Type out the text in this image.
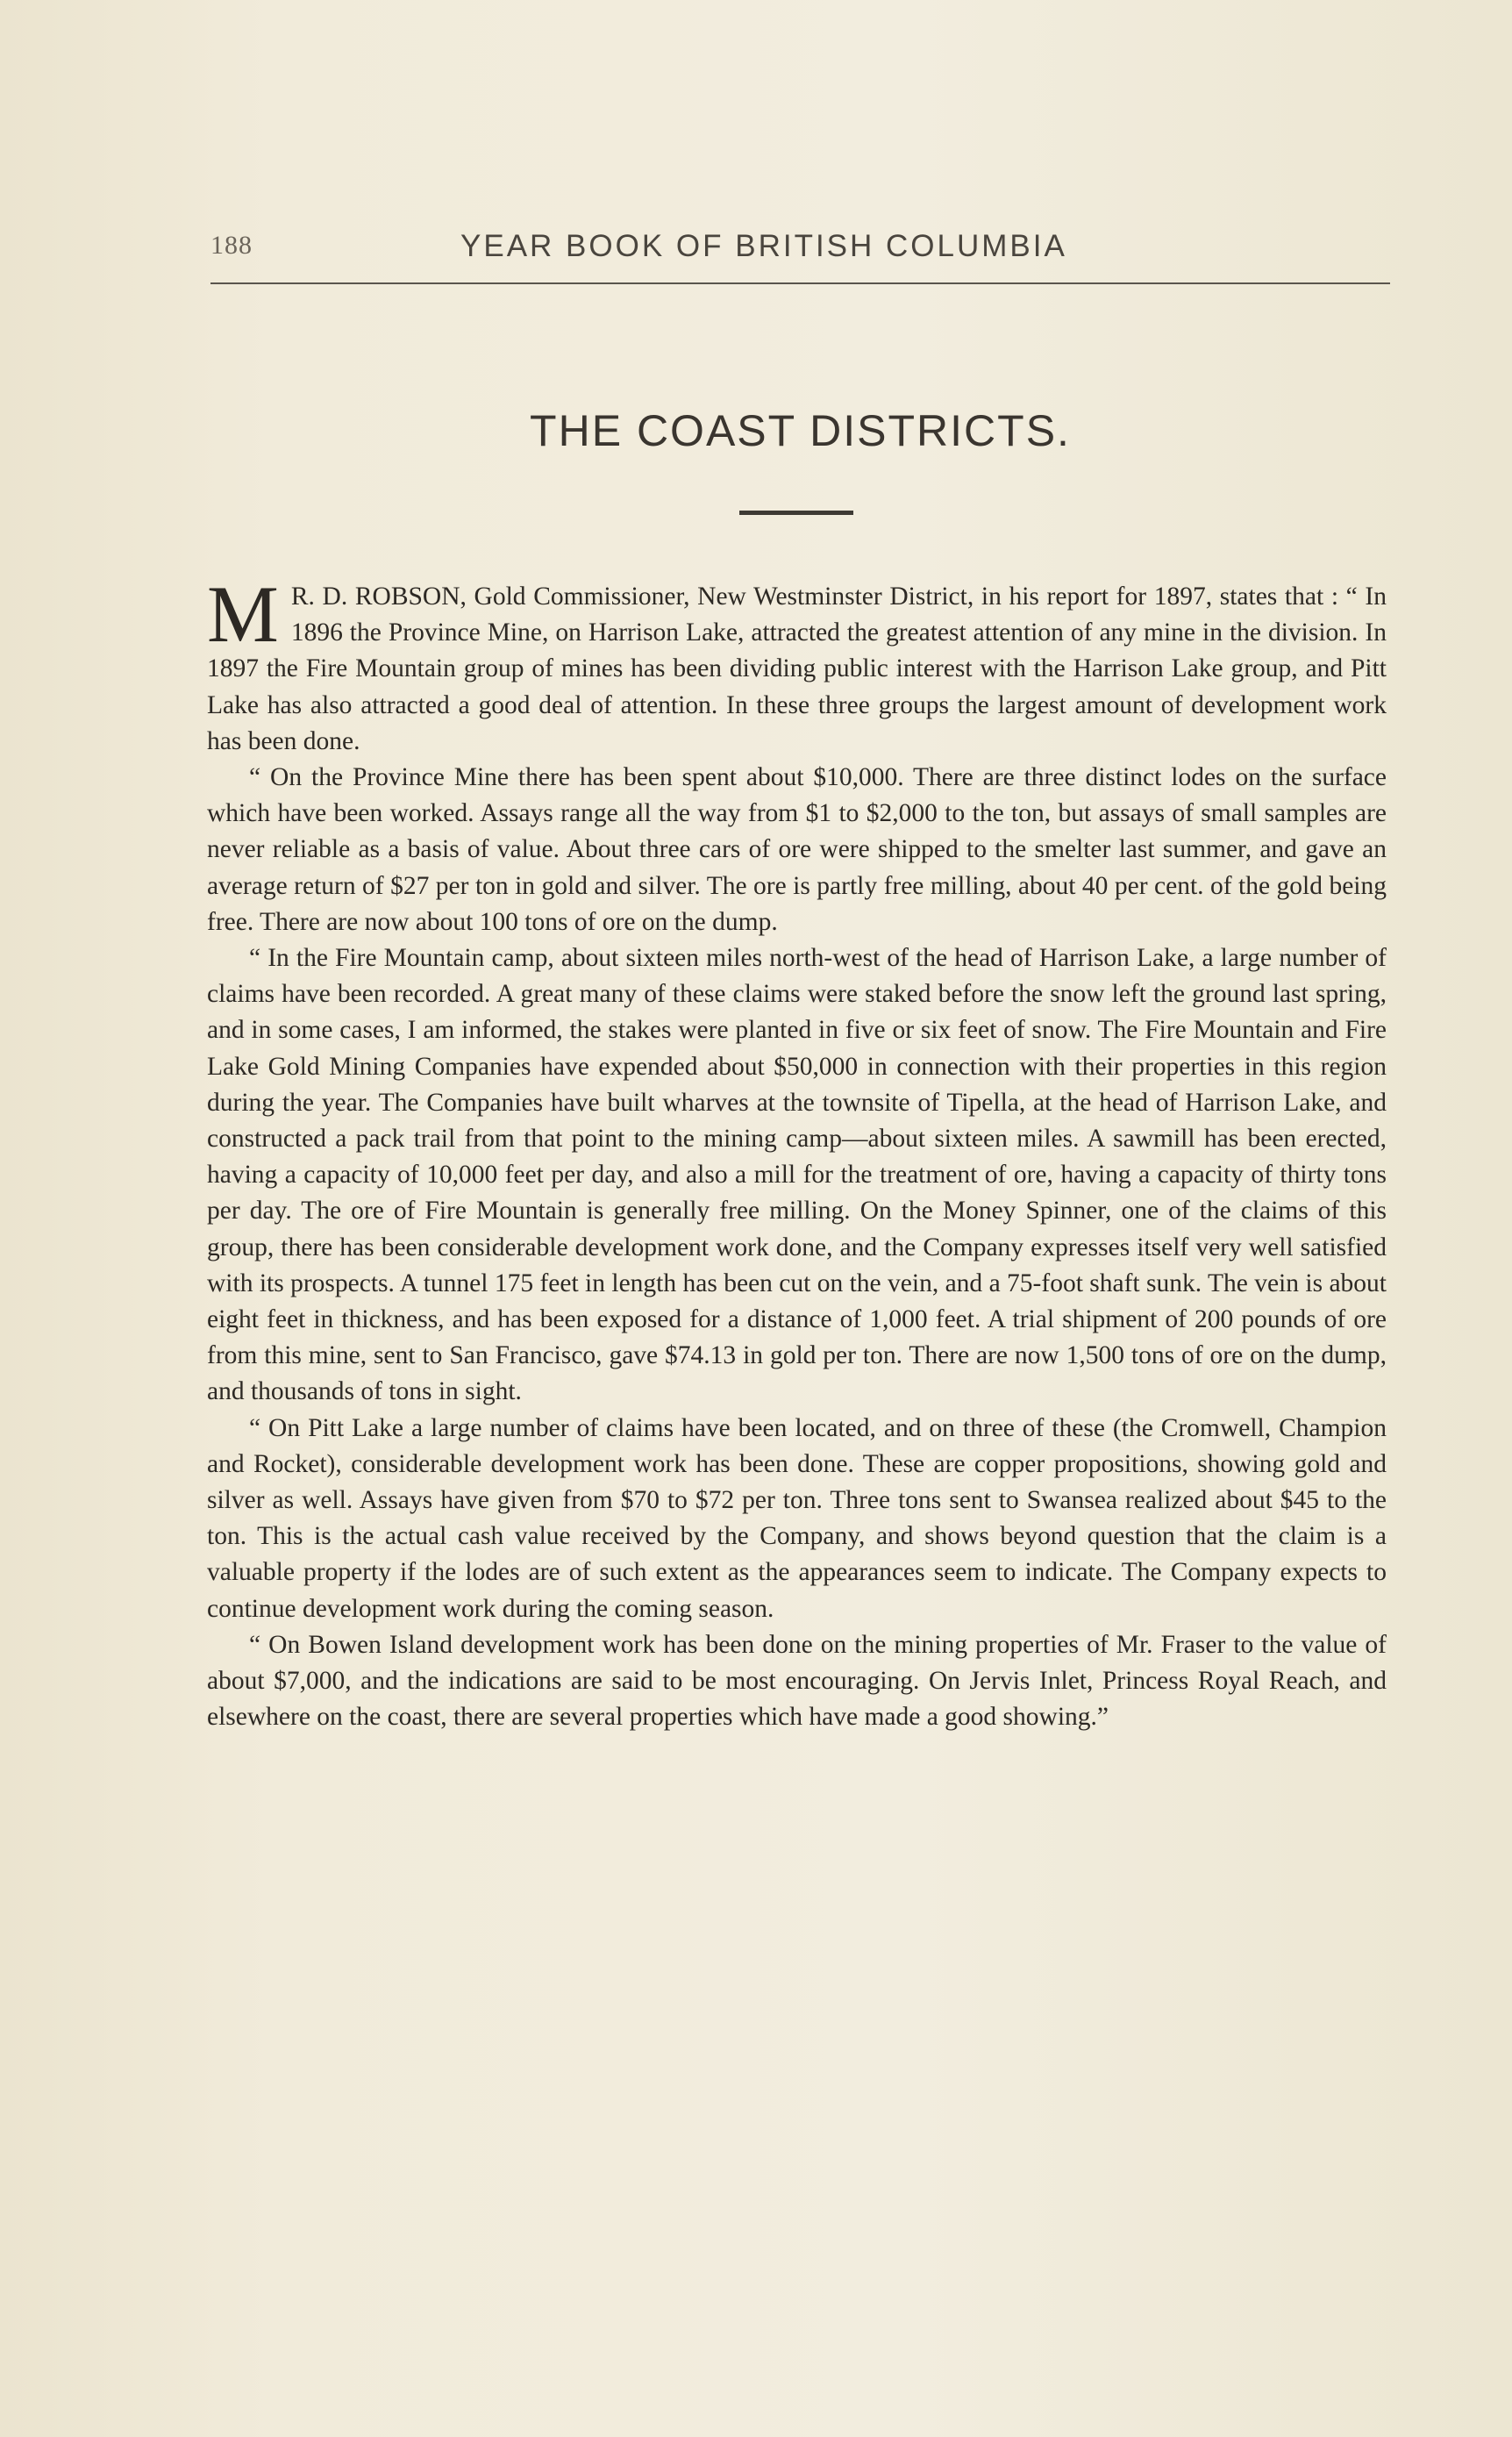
188	YEAR BOOK OF BRITISH COLUMBIA
THE COAST DISTRICTS.

M R. D. ROBSON, Gold Commissioner, New Westminster District, in his report for 1897, states that : “ In 1896 the Province Mine, on Harrison Lake, attracted the greatest attention of any mine in the division. In 1897 the Fire Mountain group of mines has been dividing public interest with the Harrison Lake group, and Pitt Lake has also attracted a good deal of attention. In these three groups the largest amount of development work has been done.

“ On the Province Mine there has been spent about $10,000. There are three distinct lodes on the surface which have been worked. Assays range all the way from $1 to $2,000 to the ton, but assays of small samples are never reliable as a basis of value. About three cars of ore were shipped to the smelter last summer, and gave an average return of $27 per ton in gold and silver. The ore is partly free milling, about 40 per cent. of the gold being free. There are now about 100 tons of ore on the dump.

“ In the Fire Mountain camp, about sixteen miles north-west of the head of Harrison Lake, a large number of claims have been recorded. A great many of these claims were staked before the snow left the ground last spring, and in some cases, I am informed, the stakes were planted in five or six feet of snow. The Fire Mountain and Fire Lake Gold Mining Companies have expended about $50,000 in connection with their properties in this region during the year. The Companies have built wharves at the townsite of Tipella, at the head of Harrison Lake, and constructed a pack trail from that point to the mining camp—about sixteen miles. A sawmill has been erected, having a capacity of 10,000 feet per day, and also a mill for the treatment of ore, having a capacity of thirty tons per day. The ore of Fire Mountain is generally free milling. On the Money Spinner, one of the claims of this group, there has been considerable development work done, and the Company expresses itself very well satisfied with its prospects. A tunnel 175 feet in length has been cut on the vein, and a 75-foot shaft sunk. The vein is about eight feet in thickness, and has been exposed for a distance of 1,000 feet. A trial shipment of 200 pounds of ore from this mine, sent to San Francisco, gave $74.13 in gold per ton. There are now 1,500 tons of ore on the dump, and thousands of tons in sight.

“ On Pitt Lake a large number of claims have been located, and on three of these (the Cromwell, Champion and Rocket), considerable development work has been done. These are copper propositions, showing gold and silver as well. Assays have given from $70 to $72 per ton. Three tons sent to Swansea realized about $45 to the ton. This is the actual cash value received by the Company, and shows beyond question that the claim is a valuable property if the lodes are of such extent as the appearances seem to indicate. The Company expects to continue development work during the coming season.

“ On Bowen Island development work has been done on the mining properties of Mr. Fraser to the value of about $7,000, and the indications are said to be most encouraging. On Jervis Inlet, Princess Royal Reach, and elsewhere on the coast, there are several properties which have made a good showing.”
